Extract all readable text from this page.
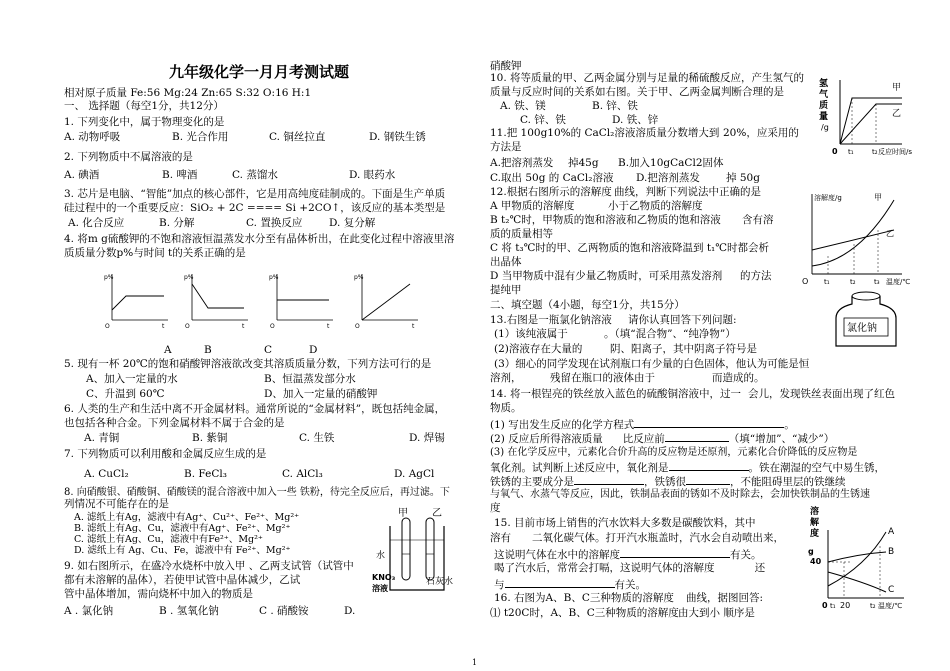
九年级化学一月月考测试题
相对原子质量 Fe:56 Mg:24 Zn:65 S:32 O:16 H:1
一、 选择题（每空1分，共12分）
1. 下列变化中，属于物理变化的是
A. 动物呼吸	B. 光合作用	C. 铜丝拉直	D. 钢铁生锈
2. 下列物质中不属溶液的是
A. 碘酒	B. 啤酒	C. 蒸馏水	D. 眼药水
3. 芯片是电脑、“智能”加点的核心部件，它是用高纯度硅制成的。下面是生产单质
硅过程中的一个重要反应：SiO₂ + 2C ==== Si +2CO↑，该反应的基本类型是
A. 化合反应	B. 分解	C. 置换反应	D. 复分解
4. 将m g硫酸钾的不饱和溶液恒温蒸发水分至有晶体析出，在此变化过程中溶液里溶
质质量分数p%与时间 t的关系正确的是
p%
O	t
p%
O	t
p%
O	t
p%
O	t
A	B	C	D
5. 现有一杯 20℃的饱和硝酸钾溶液欲改变其溶质质量分数，下列方法可行的是
A、加入一定量的水	B、恒温蒸发部分水
C、升温到 60℃	D、加入一定量的硝酸钾
6. 人类的生产和生活中离不开金属材料。通常所说的“金属材料”，既包括纯金属，
也包括各种合金。下列金属材料不属于合金的是
A. 青铜	B. 紫铜	C. 生铁	D. 焊锡
7. 下列物质可以利用酸和金属反应生成的是
A. CuCl₂	B. FeCl₃	C. AlCl₃	D. AgCl
8. 向硝酸银、硝酸铜、硝酸镁的混合溶液中加入一些 铁粉，待完全反应后，再过滤。下
列情况不可能存在的是
A. 滤纸上有Ag，滤液中有Ag⁺、Cu²⁺、Fe²⁺、Mg²⁺
B. 滤纸上有Ag、Cu，滤液中有Ag⁺、Fe²⁺、Mg²⁺
C. 滤纸上有Ag、Cu，滤液中有Fe²⁺、Mg²⁺
D. 滤纸上有 Ag、Cu、Fe，滤液中有 Fe²⁺、Mg²⁺
9. 如右图所示，在盛冷水烧杯中放入甲 、乙两支试管（试管中
都有未溶解的晶体），若使甲试管中晶体减少，乙试
管中晶体增加，需向烧杯中加入的物质是
A . 氯化钠	B . 氢氧化钠	C . 硝酸铵	D.
甲 乙
水
KNO₃
溶液
石灰水
硝酸钾
10. 将等质量的甲、乙两金属分别与足量的稀硫酸反应，产生氢气的
质量与反应时间的关系如右图。关于甲、乙两金属判断合理的是
A. 铁、镁	B. 锌、铁
C. 锌、铁	D. 铁、锌
氢
气
质
量
/g
甲
乙
0 t₁	t₂ 反应时间/s
11.把 100g10%的 CaCl₂溶液溶质量分数增大到 20%，应采用的
方法是
A.把溶剂蒸发 掉45g B.加入10gCaCl2固体
C.取出 50g 的 CaCl₂溶液 D.把溶剂蒸发 掉 50g
12.根据右图所示的溶解度 曲线，判断下列说法中正确的是
A 甲物质的溶解度	小于乙物质的溶解度
B t₂℃时，甲物质的饱和溶液和乙物质的饱和溶液 含有溶
质的质量相等
C 将 t₃℃时的甲、乙两物质的饱和溶液 降温到 t₁℃时都会析
出晶体
D 当甲物质中混有少量乙物质时，可采用蒸发溶剂 的方法
提纯甲
溶解度/g	甲
乙
O t₁	t₂	t₃ 温度/℃
二、填空题（4小题，每空1分，共15分）
13.右图是一瓶氯化钠溶液 请你认真回答下列问题:
(1）该纯液属于	。（填“混合物”、“纯净物”）
(2)溶液存在大量的	阴、阳离子，其中阴离子符号是
(3）细心的同学发现在试剂瓶口有少量的白色固体，他认为可能是恒
溶剂，	残留在瓶口的液体由于	而造成的。
氯化钠
14. 将一根锃亮的铁丝放入蓝色的硫酸铜溶液中，过一 会儿，发现铁丝表面出现了红色
物质。
(1) 写出发生反应的化学方程式	。
(2) 反应后所得溶液质量 比反应前	（填“增加”、“减少”）
(3) 在化学反应中，元素化合价升高的反应物是还原剂，元素化合价降低的反应物是
氧化剂。试判断上述反应中，氧化剂是	。铁在潮湿的空气中易生锈，
铁锈的主要成分是	，铁锈很	，不能阻碍里层的铁继续
与氧气、水蒸气等反应，因此，铁制品表面的锈如不及时除去，会加快铁制品的生锈速
度
15. 目前市场上销售的汽水饮料大多数是碳酸饮料，其中
溶有 二氧化碳气体。打开汽水瓶盖时，汽水会自动喷出来，
这说明气体在水中的溶解度	有关。
喝了汽水后，常常会打嗝，这说明气体的溶解度	还
与	有关。
16. 右图为A、B、C三种物质的溶解度 曲线，据图回答:
⑴ t20C时，A、B、C三种物质的溶解度 由大到小 顺序是
溶
解
度
g
40
A
B
C
0 t₁ 20	t₂ 温度/℃
1
